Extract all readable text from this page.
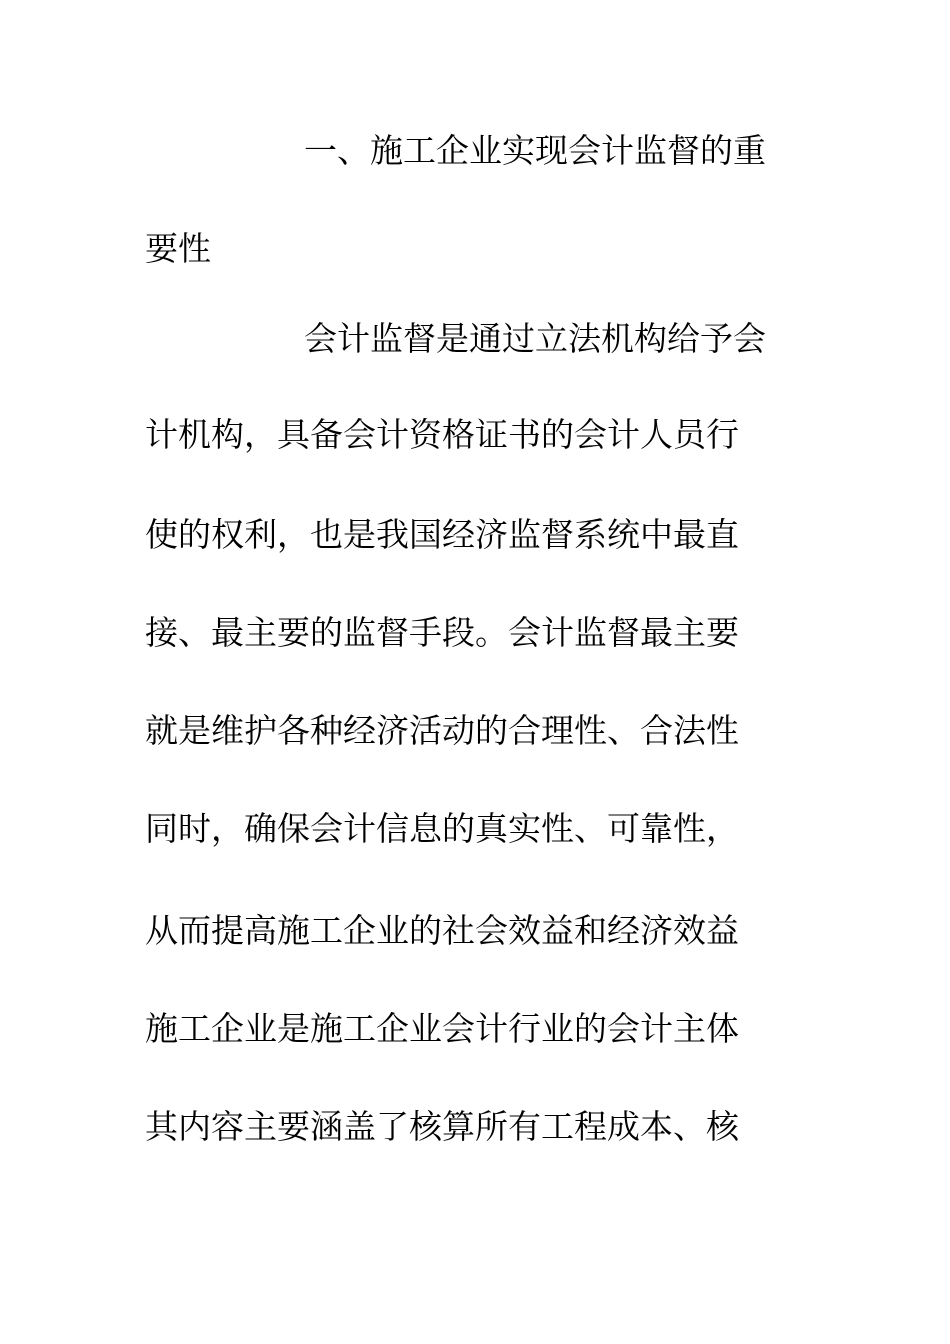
一、施工企业实现会计监督的重
要性
会计监督是通过立法机构给予会
计机构，具备会计资格证书的会计人员行
使的权利，也是我国经济监督系统中最直
接、最主要的监督手段。会计监督最主要
就是维护各种经济活动的合理性、合法性
同时，确保会计信息的真实性、可靠性，
从而提高施工企业的社会效益和经济效益
施工企业是施工企业会计行业的会计主体
其内容主要涵盖了核算所有工程成本、核
